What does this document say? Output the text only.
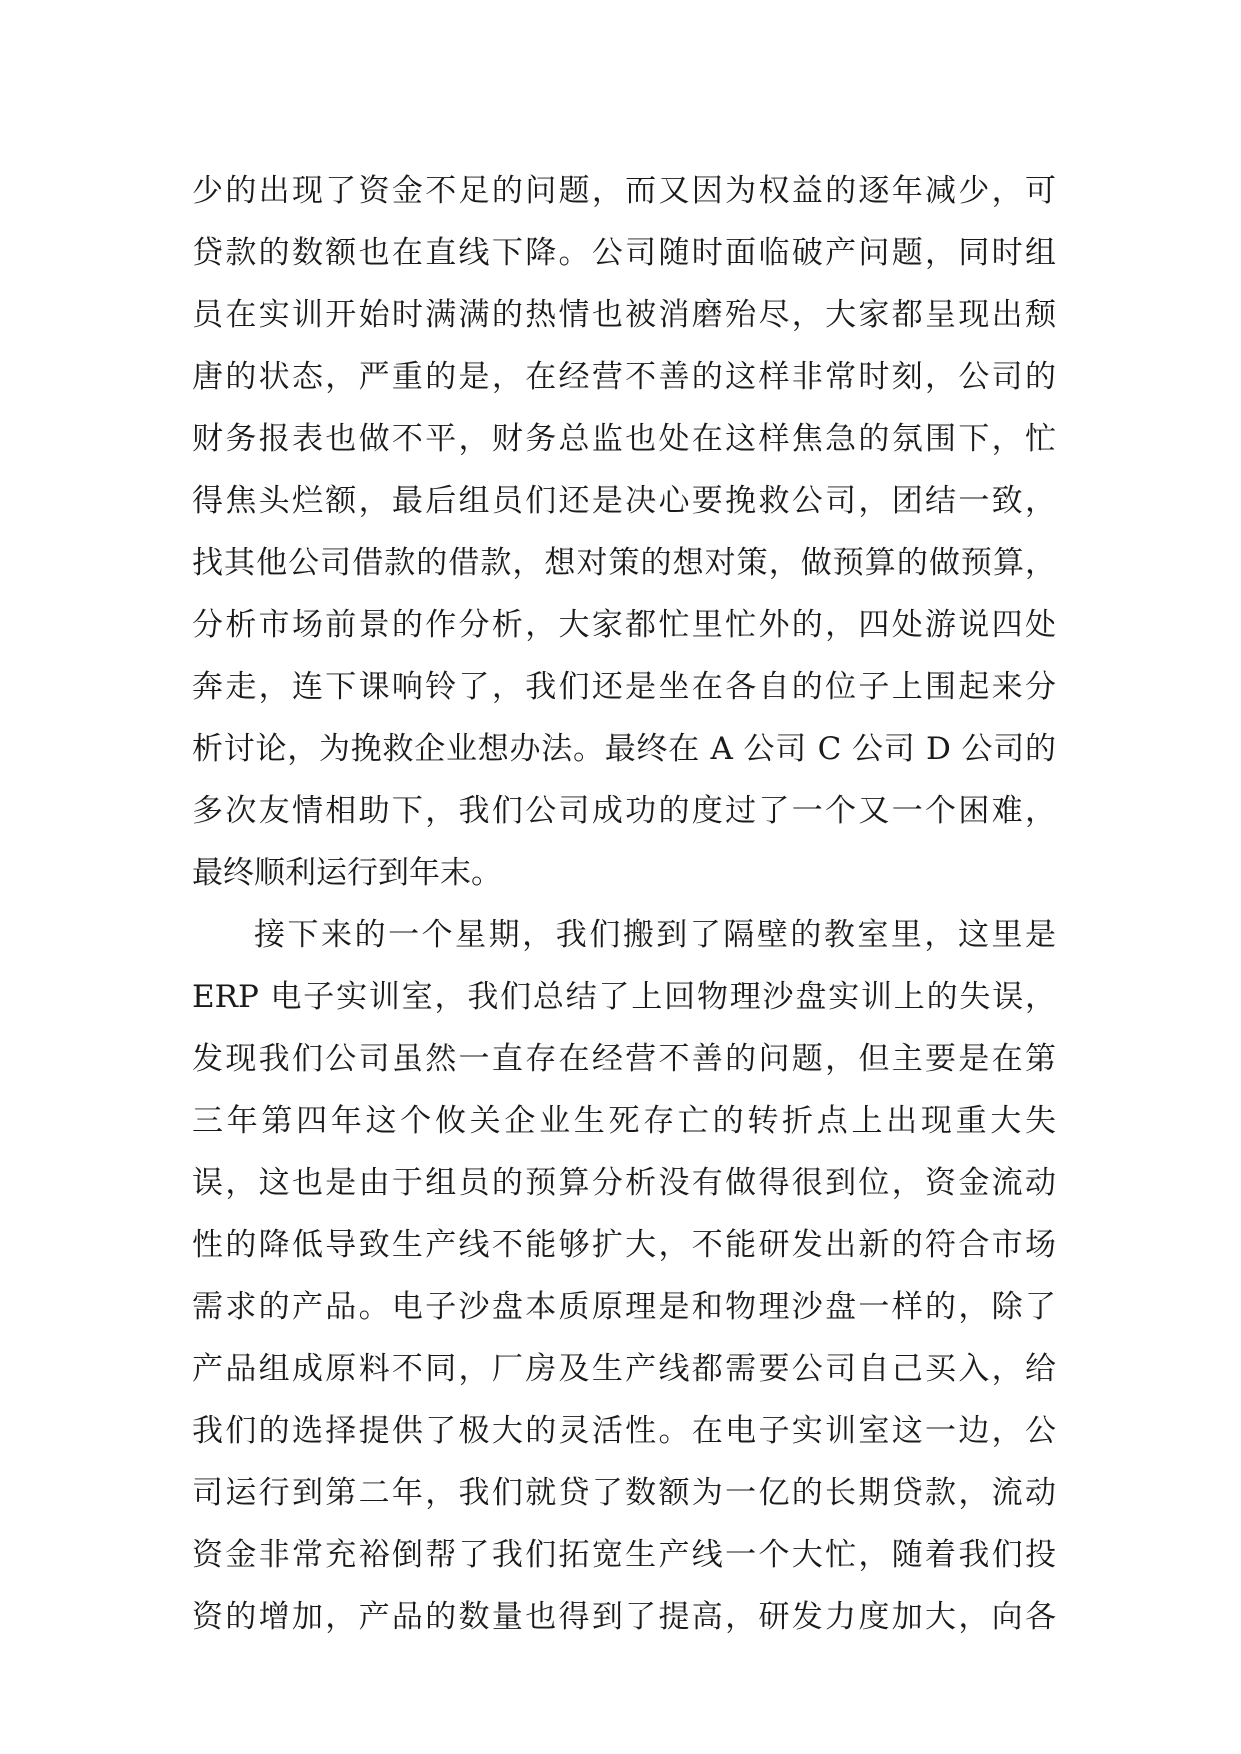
少的出现了资金不足的问题，而又因为权益的逐年减少，可
贷款的数额也在直线下降。公司随时面临破产问题，同时组
员在实训开始时满满的热情也被消磨殆尽，大家都呈现出颓
唐的状态，严重的是，在经营不善的这样非常时刻，公司的
财务报表也做不平，财务总监也处在这样焦急的氛围下，忙
得焦头烂额，最后组员们还是决心要挽救公司，团结一致，
找其他公司借款的借款，想对策的想对策，做预算的做预算，
分析市场前景的作分析，大家都忙里忙外的，四处游说四处
奔走，连下课响铃了，我们还是坐在各自的位子上围起来分
析讨论，为挽救企业想办法。最终在 A 公司 C 公司 D 公司的
多次友情相助下，我们公司成功的度过了一个又一个困难，
最终顺利运行到年末。
接下来的一个星期，我们搬到了隔壁的教室里，这里是
ERP 电子实训室，我们总结了上回物理沙盘实训上的失误，
发现我们公司虽然一直存在经营不善的问题，但主要是在第
三年第四年这个攸关企业生死存亡的转折点上出现重大失
误，这也是由于组员的预算分析没有做得很到位，资金流动
性的降低导致生产线不能够扩大，不能研发出新的符合市场
需求的产品。电子沙盘本质原理是和物理沙盘一样的，除了
产品组成原料不同，厂房及生产线都需要公司自己买入，给
我们的选择提供了极大的灵活性。在电子实训室这一边，公
司运行到第二年，我们就贷了数额为一亿的长期贷款，流动
资金非常充裕倒帮了我们拓宽生产线一个大忙，随着我们投
资的增加，产品的数量也得到了提高，研发力度加大，向各
